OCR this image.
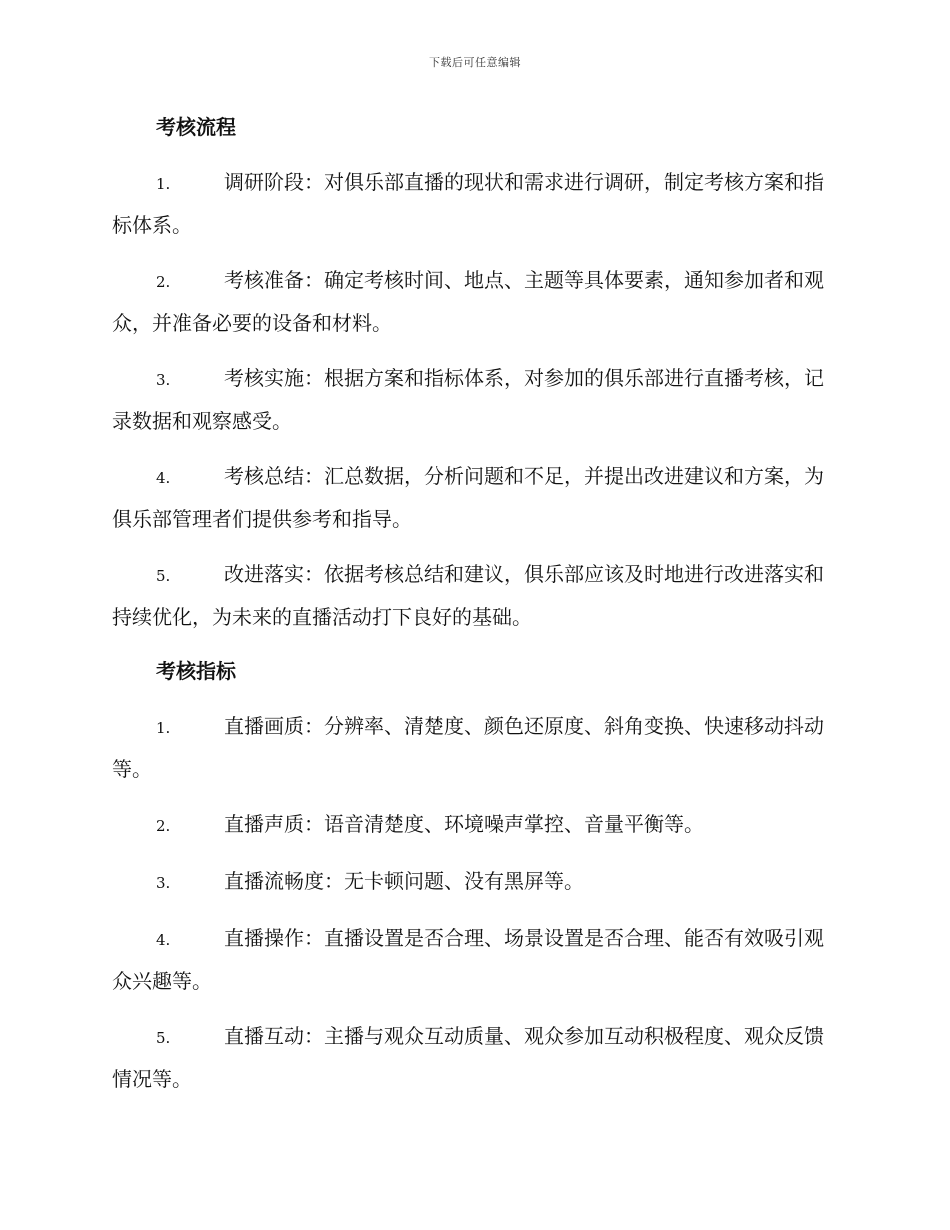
下载后可任意编辑
考核流程
1.	调研阶段：对俱乐部直播的现状和需求进行调研，制定考核方案和指标体系。
2.	考核准备：确定考核时间、地点、主题等具体要素，通知参加者和观众，并准备必要的设备和材料。
3.	考核实施：根据方案和指标体系，对参加的俱乐部进行直播考核，记录数据和观察感受。
4.	考核总结：汇总数据，分析问题和不足，并提出改进建议和方案，为俱乐部管理者们提供参考和指导。
5.	改进落实：依据考核总结和建议，俱乐部应该及时地进行改进落实和持续优化，为未来的直播活动打下良好的基础。
考核指标
1.	直播画质：分辨率、清楚度、颜色还原度、斜角变换、快速移动抖动等。
2.	直播声质：语音清楚度、环境噪声掌控、音量平衡等。
3.	直播流畅度：无卡顿问题、没有黑屏等。
4.	直播操作：直播设置是否合理、场景设置是否合理、能否有效吸引观众兴趣等。
5.	直播互动：主播与观众互动质量、观众参加互动积极程度、观众反馈情况等。
